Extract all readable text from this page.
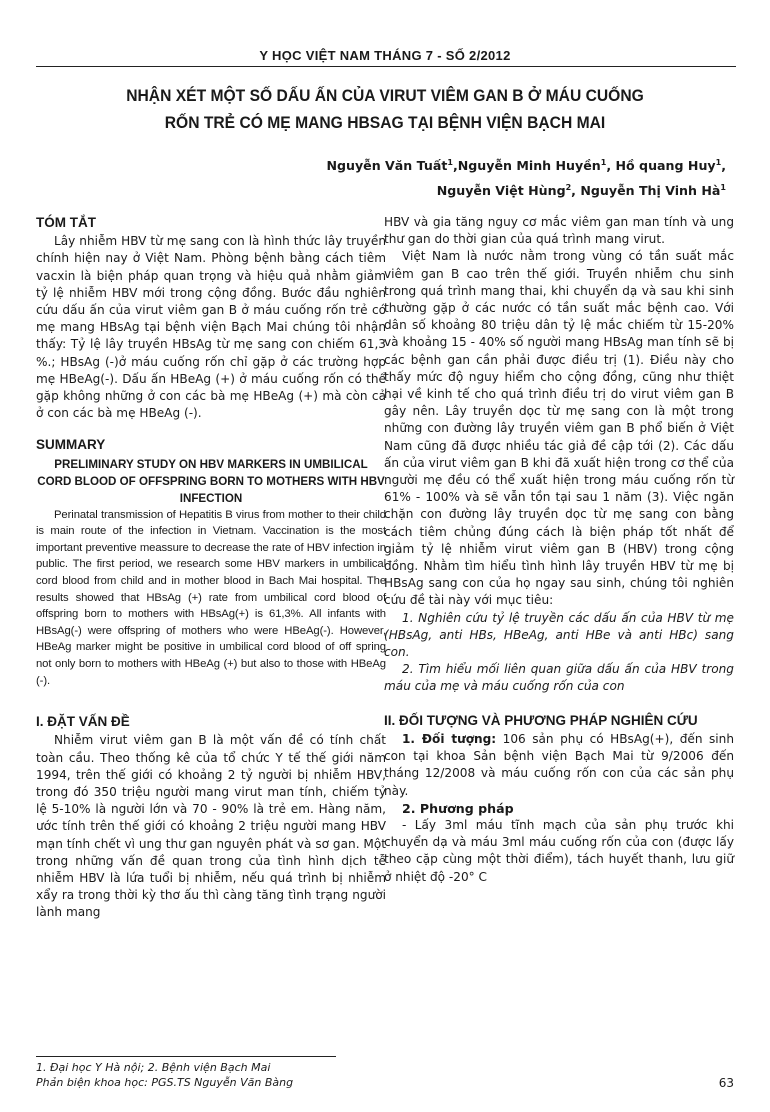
Y HỌC VIỆT NAM THÁNG 7 - SỐ 2/2012
NHẬN XÉT MỘT SỐ DẤU ẤN CỦA VIRUT VIÊM GAN B Ở MÁU CUỐNG
RỐN TRẺ CÓ MẸ MANG HBSAG TẠI BỆNH VIỆN BẠCH MAI
Nguyễn Văn Tuất$^1$,Nguyễn Minh Huyền$^1$, Hồ quang Huy$^1$,
Nguyễn Việt Hùng$^2$, Nguyễn Thị Vinh $Hà^1$
TÓM TẮT

Lây nhiễm HBV từ mẹ sang con là hình thức lây truyền chính hiện nay ở Việt Nam. Phòng bệnh bằng cách tiêm vacxin là biện pháp quan trọng và hiệu quả nhằm giảm tỷ lệ nhiễm HBV mới trong cộng đồng. Bước đầu nghiên cứu dấu ấn của virut viêm gan B ở máu cuống rốn trẻ có mẹ mang HBsAg tại bệnh viện Bạch Mai chúng tôi nhận thấy: Tỷ lệ lây truyền HBsAg từ mẹ sang con chiếm 61,3 %.; HBsAg (-)ở máu cuống rốn chỉ gặp ở các trường hợp mẹ HBeAg(-). Dấu ấn HBeAg (+) ở máu cuống rốn có thể gặp không những ở con các bà mẹ HBeAg (+) mà còn cả ở con các bà mẹ HBeAg (-).

SUMMARY
PRELIMINARY STUDY ON HBV MARKERS IN UMBILICAL CORD BLOOD OF OFFSPRING BORN TO MOTHERS WITH HBV INFECTION

Perinatal transmission of Hepatitis B virus from mother to their child is main route of the infection in Vietnam. Vaccination is the most important preventive meassure to decrease the rate of HBV infection in public. The first period, we research some HBV markers in umbilical cord blood from child and in mother blood in Bach Mai hospital. The results showed that HBsAg (+) rate from umbilical cord blood of offspring born to mothers with HBsAg(+) is 61,3%. All infants with HBsAg(-) were offspring of mothers who were HBeAg(-). However, HBeAg marker might be positive in umbilical cord blood of off spring not only born to mothers with HBeAg (+) but also to those with HBeAg (-).

I. ĐẶT VẤN ĐỀ

Nhiễm virut viêm gan B là một vấn đề có tính chất toàn cầu. Theo thống kê của tổ chức Y tế thế giới năm 1994, trên thế giới có khoảng 2 tỷ người bị nhiễm HBV, trong đó 350 triệu người mang virut man tính, chiếm tỷ lệ 5-10% là người lớn và 70 - 90% là trẻ em. Hàng năm, ước tính trên thế giới có khoảng 2 triệu người mang HBV mạn tính chết vì ung thư gan nguyên phát và sơ gan. Một trong những vấn đề quan trong của tình hình dịch tễ nhiễm HBV là lứa tuổi bị nhiễm, nếu quá trình bị nhiễm xẩy ra trong thời kỳ thơ ấu thì càng tăng tình trạng người lành mang

HBV và gia tăng nguy cơ mắc viêm gan man tính và ung thư gan do thời gian của quá trình mang virut.

Việt Nam là nước nằm trong vùng có tần suất mắc viêm gan B cao trên thế giới. Truyền nhiễm chu sinh trong quá trình mang thai, khi chuyển dạ và sau khi sinh thường gặp ở các nước có tần suất mắc bệnh cao. Với dân số khoảng 80 triệu dân tỷ lệ mắc chiếm từ 15-20% và khoảng 15 - 40% số người mang HBsAg man tính sẽ bị các bệnh gan cần phải được điều trị (1). Điều này cho thấy mức độ nguy hiểm cho cộng đồng, cũng như thiệt hại về kinh tế cho quá trình điều trị do virut viêm gan B gây nên. Lây truyền dọc từ mẹ sang con là một trong những con đường lây truyền viêm gan B phổ biến ở Việt Nam cũng đã được nhiều tác giả đề cập tới (2). Các dấu ấn của virut viêm gan B khi đã xuất hiện trong cơ thể của người mẹ đều có thể xuất hiện trong máu cuống rốn từ 61% - 100% và sẽ vẫn tồn tại sau 1 năm (3). Việc ngăn chặn con đường lây truyền dọc từ mẹ sang con bằng cách tiêm chủng đúng cách là biện pháp tốt nhất để giảm tỷ lệ nhiễm virut viêm gan B (HBV) trong cộng đồng. Nhằm tìm hiểu tình hình lây truyền HBV từ mẹ bị HBsAg sang con của họ ngay sau sinh, chúng tôi nghiên cứu đề tài này với mục tiêu:

1. Nghiên cứu tỷ lệ truyền các dấu ấn của HBV từ mẹ (HBsAg, anti HBs, HBeAg, anti HBe và anti HBc) sang con.

2. Tìm hiểu mối liên quan giữa dấu ấn của HBV trong máu của mẹ và máu cuống rốn của con

II. ĐỐI TƯỢNG VÀ PHƯƠNG PHÁP NGHIÊN CỨU

1. Đối tượng: 106 sản phụ có HBsAg(+), đến sinh con tại khoa Sản bệnh viện Bạch Mai từ 9/2006 đến tháng 12/2008 và máu cuống rốn con của các sản phụ này.

2. Phương pháp

- Lấy 3ml máu tĩnh mạch của sản phụ trước khi chuyển dạ và máu 3ml máu cuống rốn của con (được lấy theo cặp cùng một thời điểm), tách huyết thanh, lưu giữ ở nhiệt độ -20° C

1. Đại học Y Hà nội; 2. Bệnh viện Bạch Mai
Phản biện khoa học: PGS.TS Nguyễn Văn Bàng	63
